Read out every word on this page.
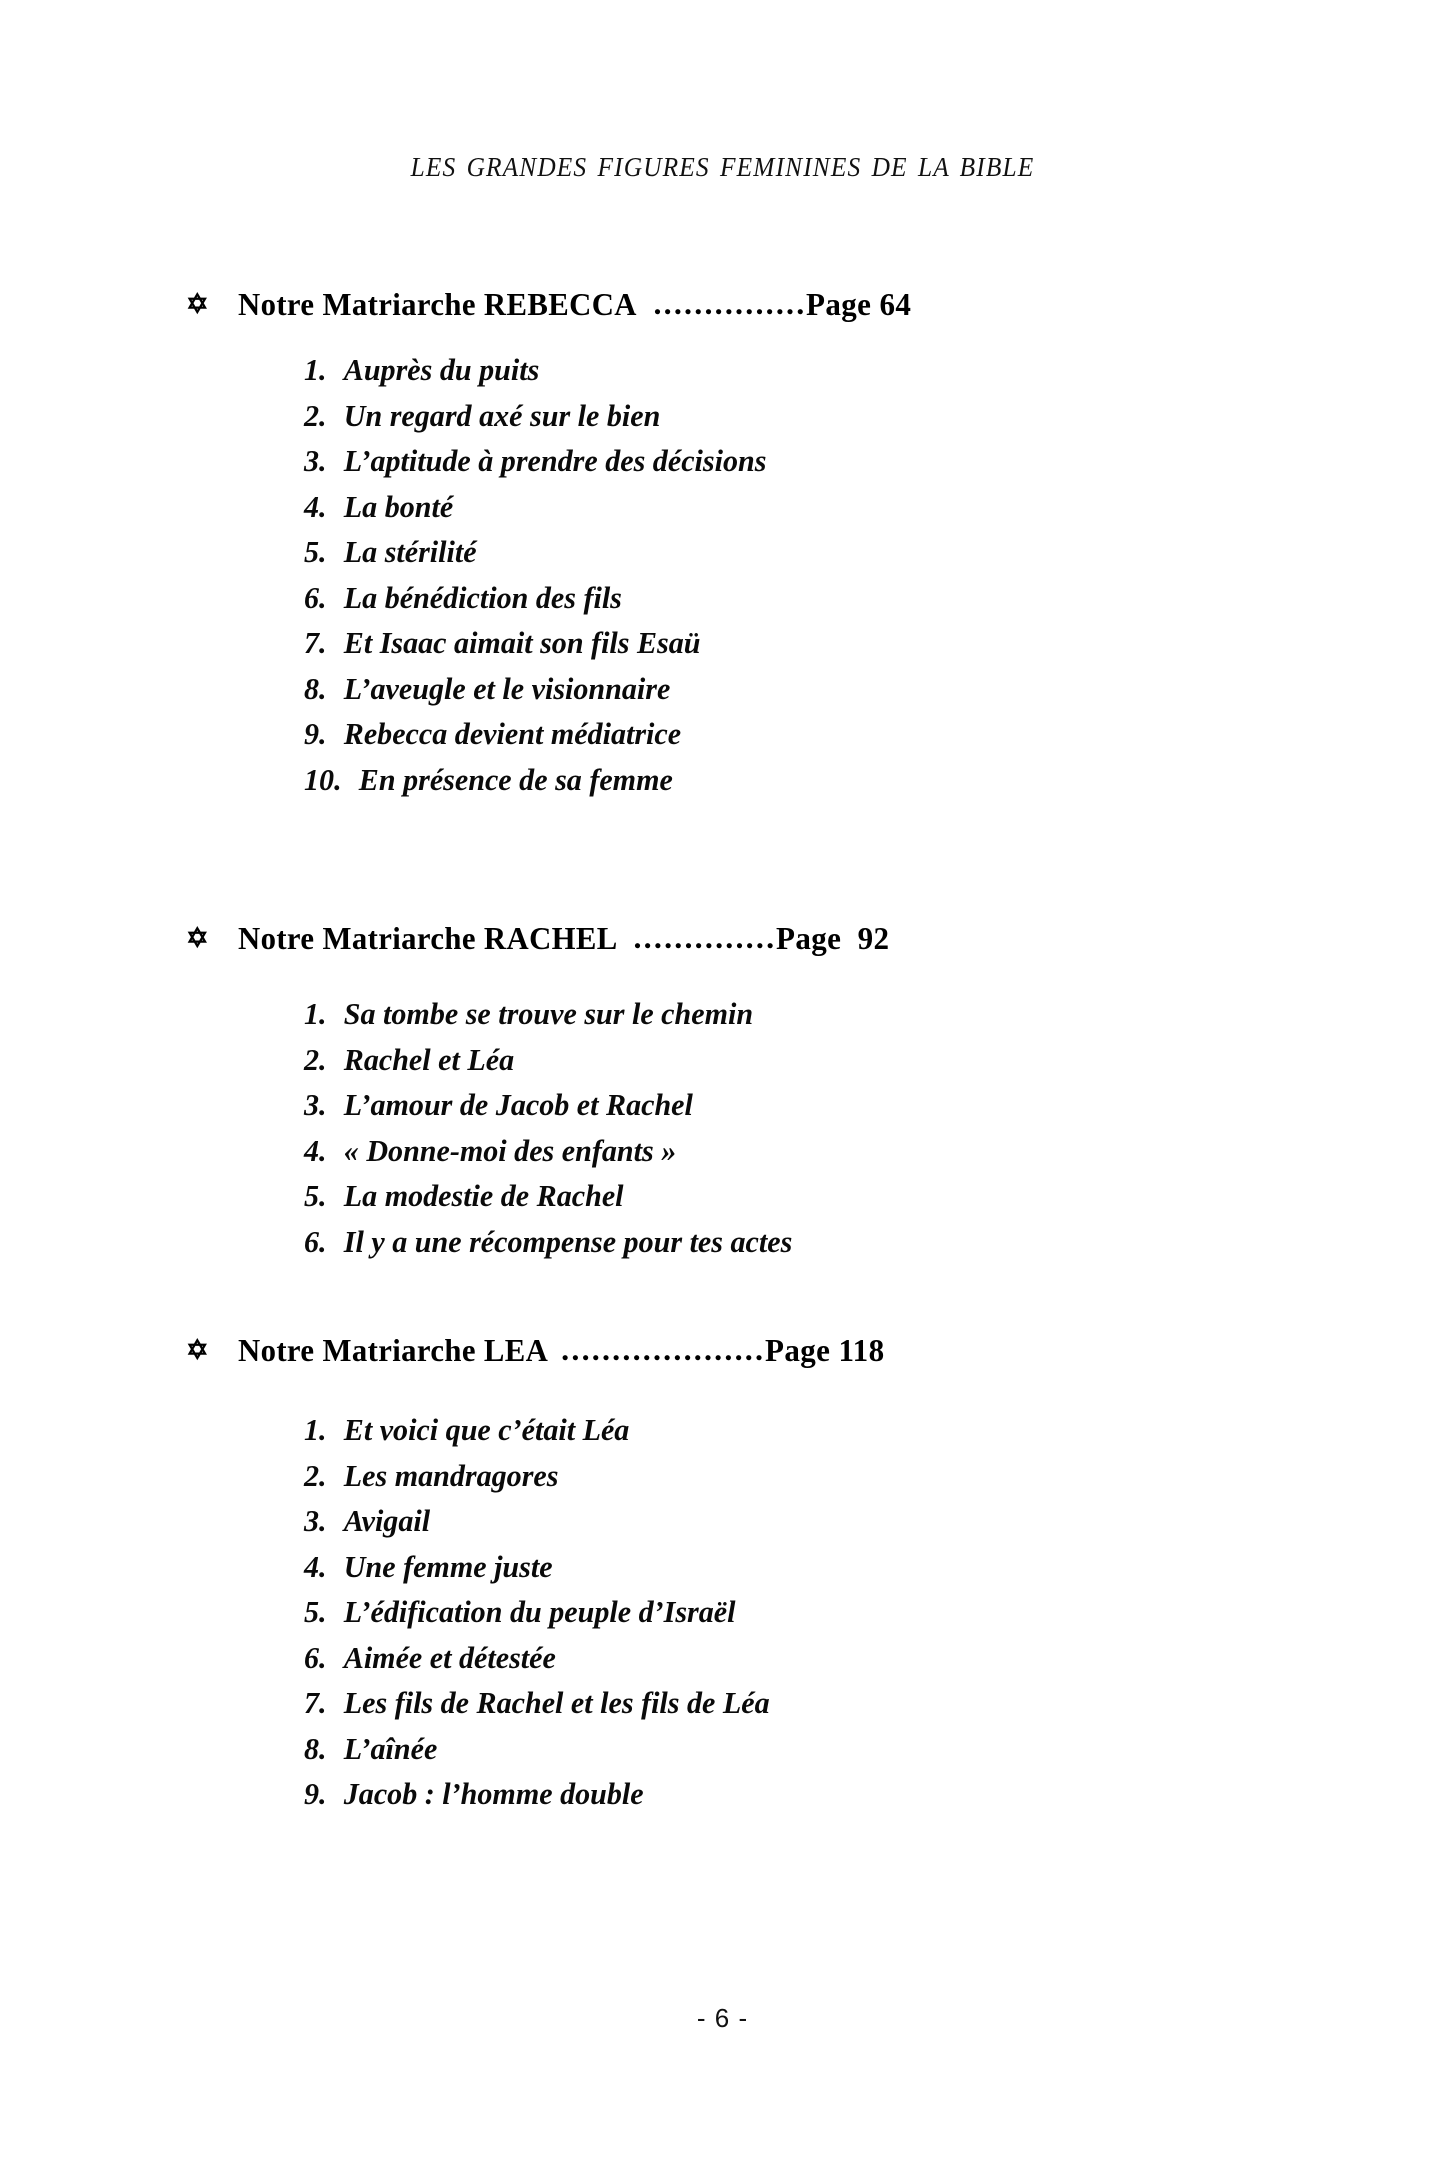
LES GRANDES FIGURES FEMININES DE LA BIBLE
✡ Notre Matriarche REBECCA ............... Page 64
1. Auprès du puits
2. Un regard axé sur le bien
3. L’aptitude à prendre des décisions
4. La bonté
5. La stérilité
6. La bénédiction des fils
7. Et Isaac aimait son fils Esaü
8. L’aveugle et le visionnaire
9. Rebecca devient médiatrice
10. En présence de sa femme
✡ Notre Matriarche RACHEL .............. Page  92
1. Sa tombe se trouve sur le chemin
2. Rachel et Léa
3. L’amour de Jacob et Rachel
4. « Donne-moi des enfants »
5. La modestie de Rachel
6. Il y a une récompense pour tes actes
✡ Notre Matriarche LEA .................... Page 118
1. Et voici que c’était Léa
2. Les mandragores
3. Avigail
4. Une femme juste
5. L’édification du peuple d’Israël
6. Aimée et détestée
7. Les fils de Rachel et les fils de Léa
8. L’aînée
9. Jacob : l’homme double
- 6 -
